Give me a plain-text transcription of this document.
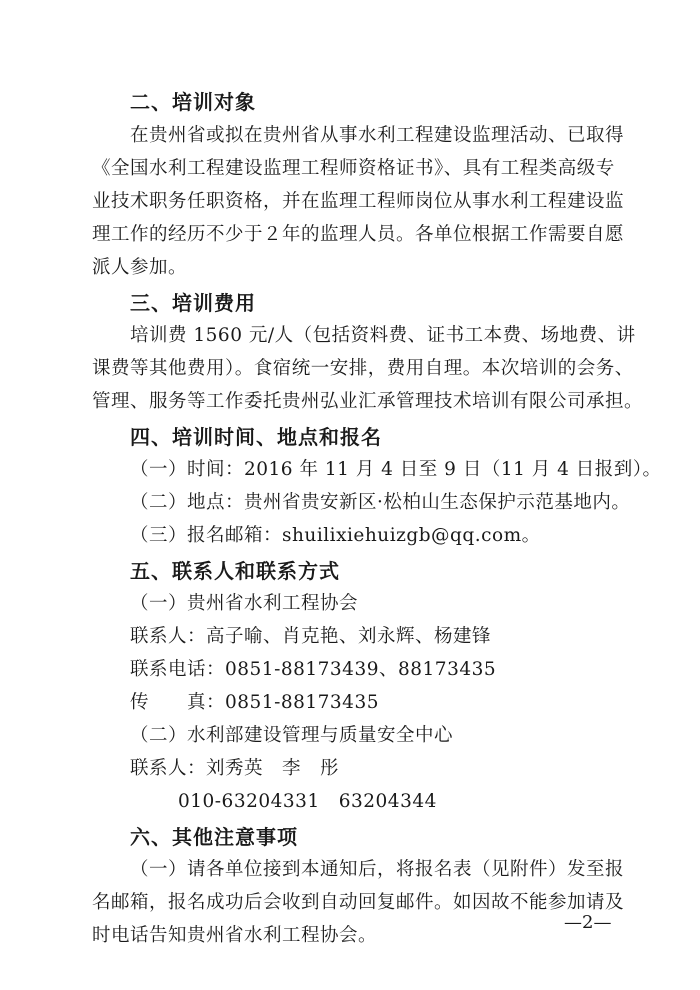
二、培训对象
在贵州省或拟在贵州省从事水利工程建设监理活动、已取得
《全国水利工程建设监理工程师资格证书》、具有工程类高级专
业技术职务任职资格，并在监理工程师岗位从事水利工程建设监
理工作的经历不少于２年的监理人员。各单位根据工作需要自愿
派人参加。
三、培训费用
培训费 1560 元/人（包括资料费、证书工本费、场地费、讲
课费等其他费用）。食宿统一安排，费用自理。本次培训的会务、
管理、服务等工作委托贵州弘业汇承管理技术培训有限公司承担。
四、培训时间、地点和报名
（一）时间：2016 年 11 月 4 日至 9 日（11 月 4 日报到）。
（二）地点：贵州省贵安新区·松柏山生态保护示范基地内。
（三）报名邮箱：shuilixiehuizgb@qq.com。
五、联系人和联系方式
（一）贵州省水利工程协会
联系人：高子喻、肖克艳、刘永辉、杨建锋
联系电话：0851-88173439、88173435
传　　真：0851-88173435
（二）水利部建设管理与质量安全中心
联系人：刘秀英　李　彤
010-63204331　63204344
六、其他注意事项
（一）请各单位接到本通知后，将报名表（见附件）发至报
名邮箱，报名成功后会收到自动回复邮件。如因故不能参加请及
时电话告知贵州省水利工程协会。
—2—
